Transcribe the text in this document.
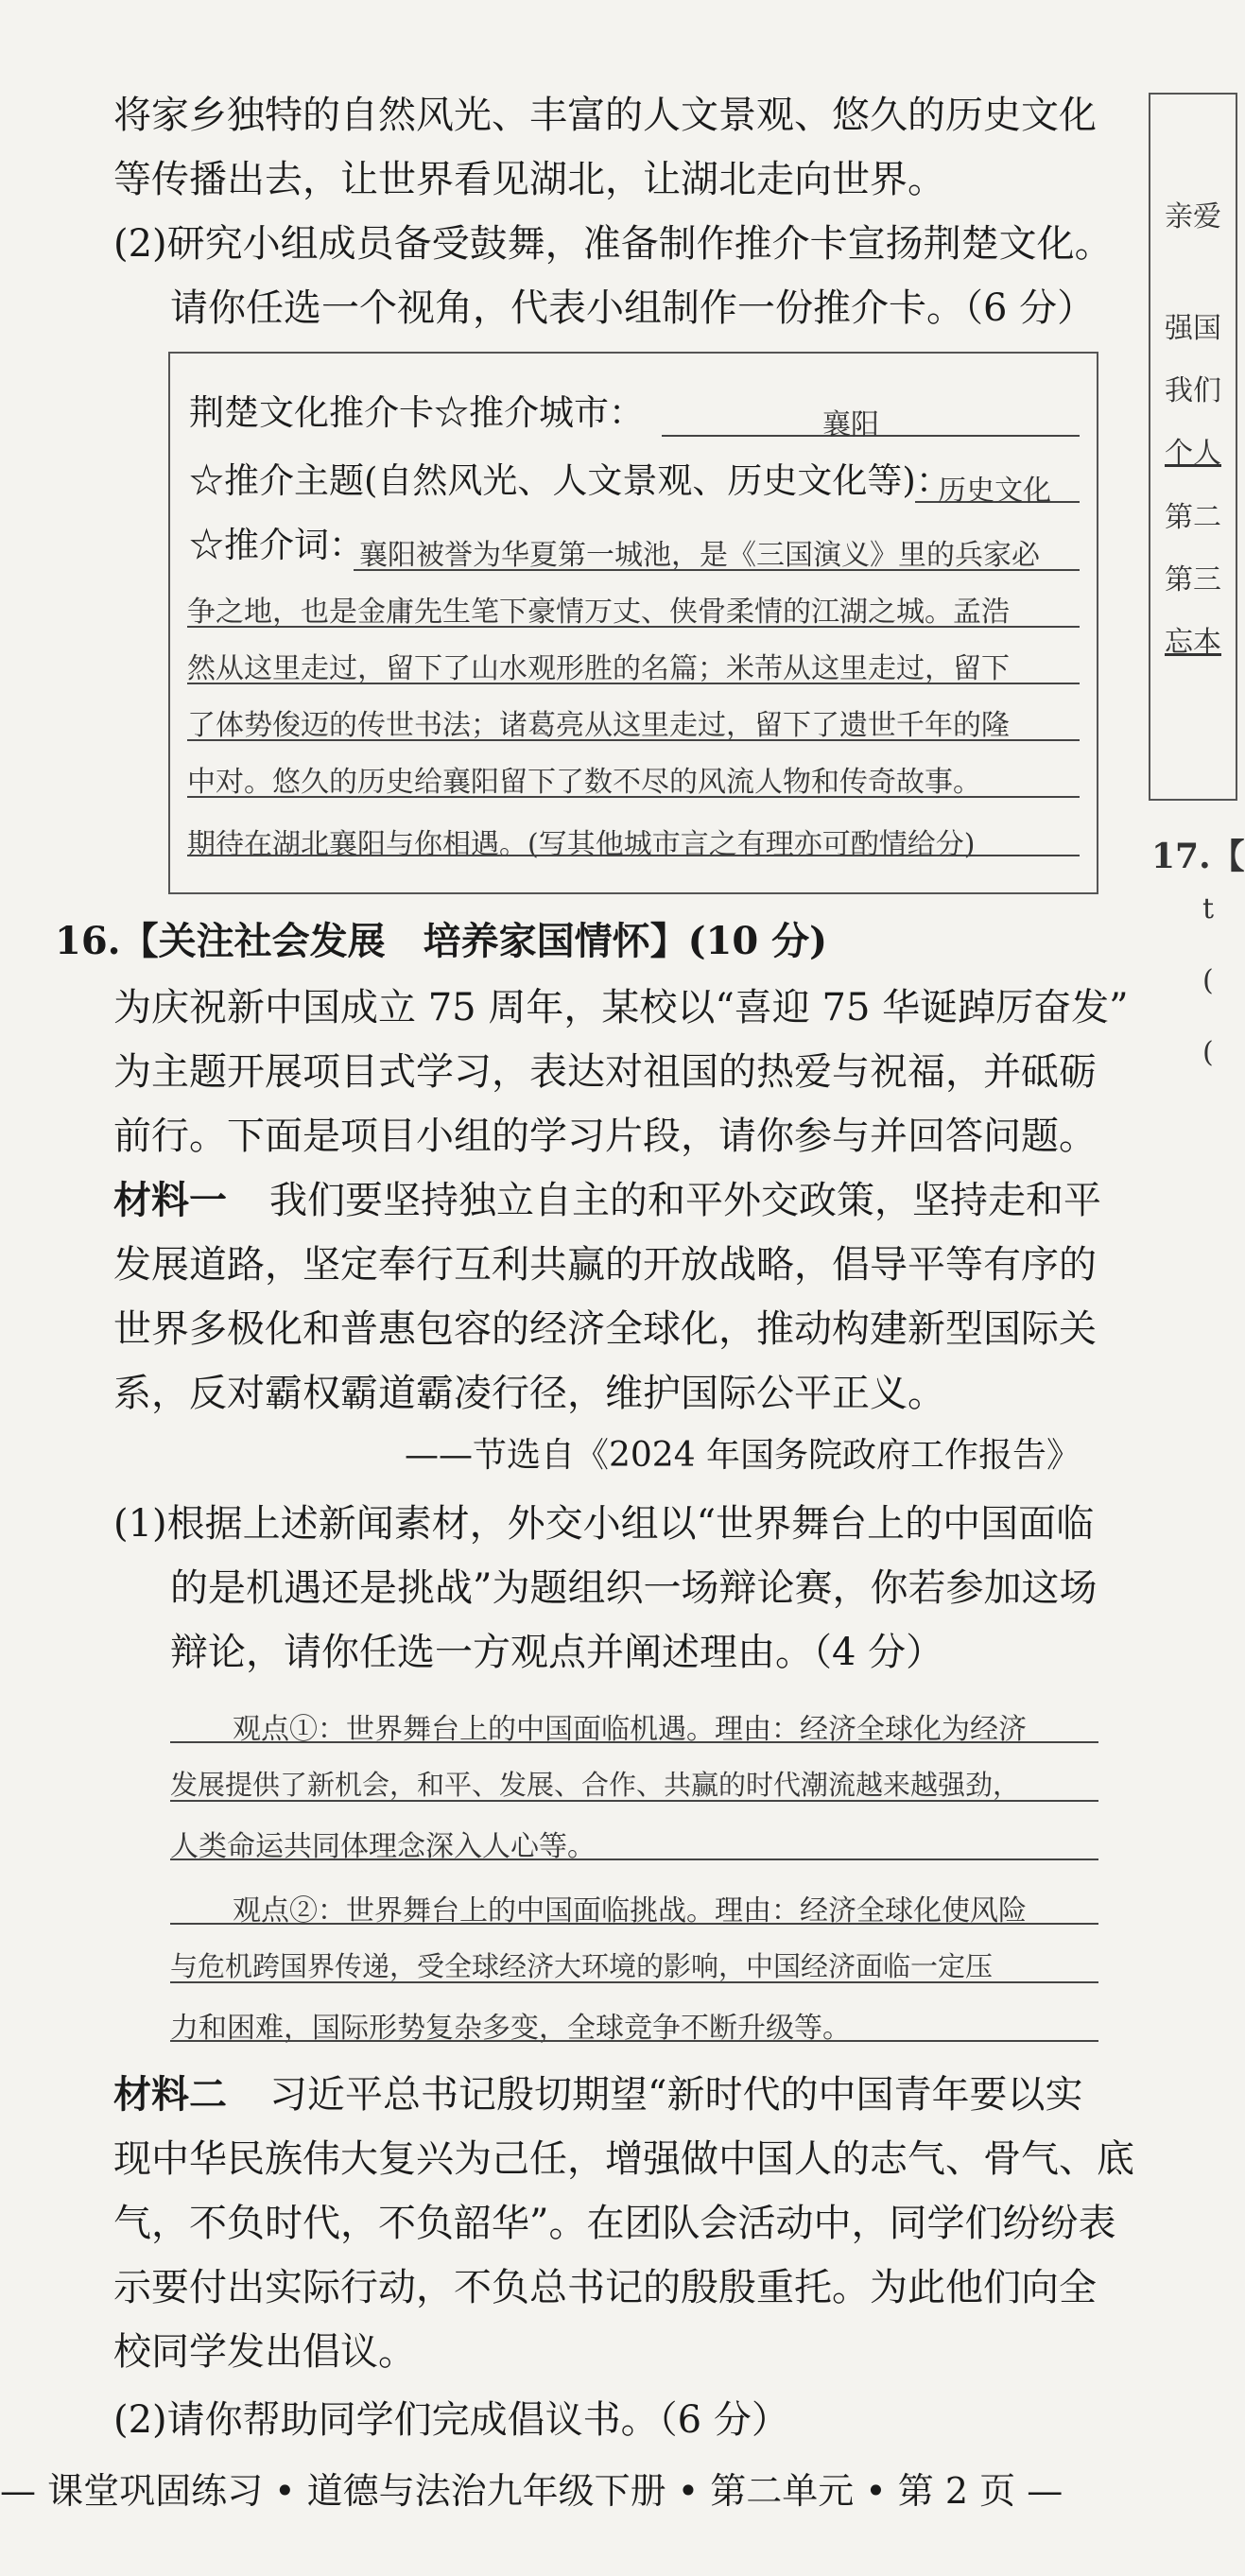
将家乡独特的自然风光、丰富的人文景观、悠久的历史文化
等传播出去，让世界看见湖北，让湖北走向世界。
(2)研究小组成员备受鼓舞，准备制作推介卡宣扬荆楚文化。
请你任选一个视角，代表小组制作一份推介卡。（6 分）
荆楚文化推介卡☆推介城市：	襄阳
☆推介主题(自然风光、人文景观、历史文化等)：
历史文化
☆推介词：
襄阳被誉为华夏第一城池，是《三国演义》里的兵家必
争之地，也是金庸先生笔下豪情万丈、侠骨柔情的江湖之城。孟浩
然从这里走过，留下了山水观形胜的名篇；米芾从这里走过，留下
了体势俊迈的传世书法；诸葛亮从这里走过，留下了遗世千年的隆
中对。悠久的历史给襄阳留下了数不尽的风流人物和传奇故事。
期待在湖北襄阳与你相遇。(写其他城市言之有理亦可酌情给分)
16.【关注社会发展　培养家国情怀】(10 分)
为庆祝新中国成立 75 周年，某校以“喜迎 75 华诞踔厉奋发”
为主题开展项目式学习，表达对祖国的热爱与祝福，并砥砺
前行。下面是项目小组的学习片段，请你参与并回答问题。
材料一 　我们要坚持独立自主的和平外交政策，坚持走和平
发展道路，坚定奉行互利共赢的开放战略，倡导平等有序的
世界多极化和普惠包容的经济全球化，推动构建新型国际关
系，反对霸权霸道霸凌行径，维护国际公平正义。
——节选自《2024 年国务院政府工作报告》
(1)根据上述新闻素材，外交小组以“世界舞台上的中国面临
的是机遇还是挑战”为题组织一场辩论赛，你若参加这场
辩论，请你任选一方观点并阐述理由。（4 分）
观点①：世界舞台上的中国面临机遇。理由：经济全球化为经济
发展提供了新机会，和平、发展、合作、共赢的时代潮流越来越强劲，
人类命运共同体理念深入人心等。
观点②：世界舞台上的中国面临挑战。理由：经济全球化使风险
与危机跨国界传递，受全球经济大环境的影响，中国经济面临一定压
力和困难，国际形势复杂多变，全球竞争不断升级等。
材料二 　习近平总书记殷切期望“新时代的中国青年要以实
现中华民族伟大复兴为己任，增强做中国人的志气、骨气、底
气，不负时代，不负韶华”。在团队会活动中，同学们纷纷表
示要付出实际行动，不负总书记的殷殷重托。为此他们向全
校同学发出倡议。
(2)请你帮助同学们完成倡议书。（6 分）
— 课堂巩固练习 • 道德与法治九年级下册 • 第二单元 • 第 2 页 —
亲爱
强国
我们
个人
第二
第三
忘本
17.【
t
(
(
